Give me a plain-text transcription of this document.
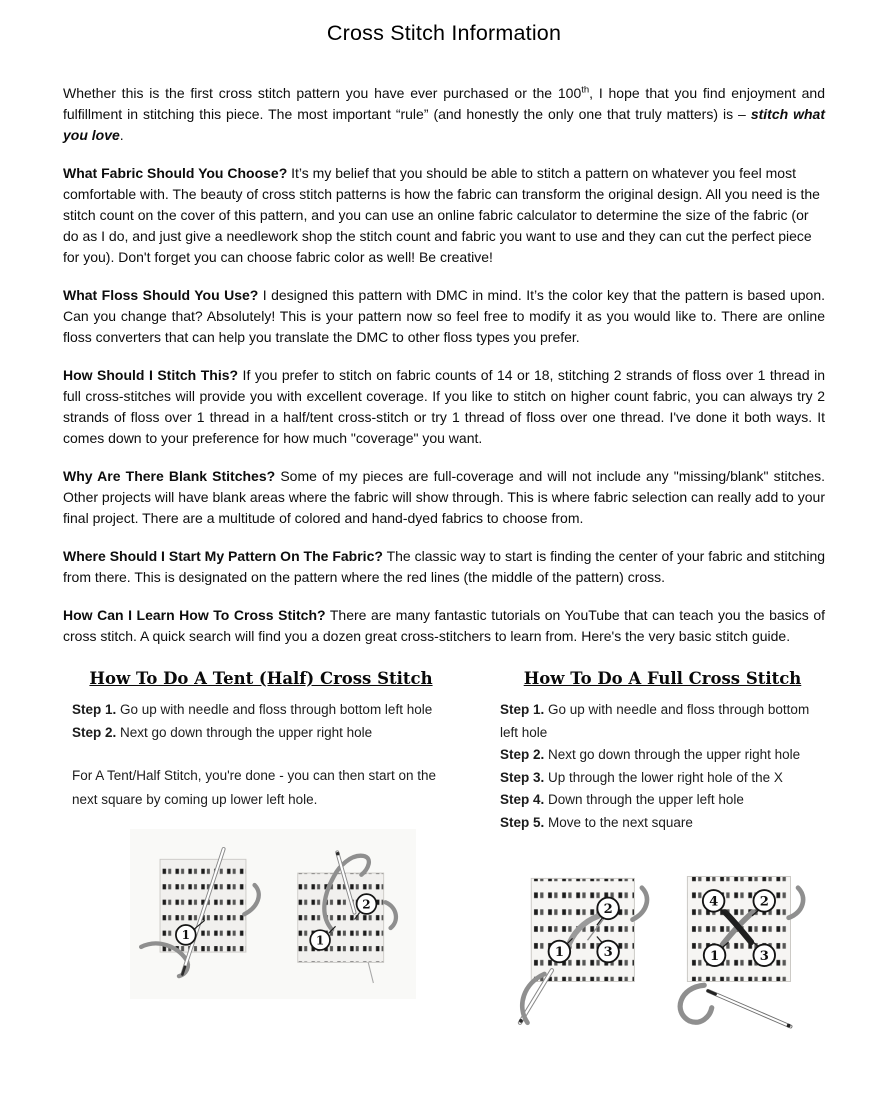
Cross Stitch Information

Whether this is the first cross stitch pattern you have ever purchased or the 100th, I hope that you find enjoyment and fulfillment in stitching this piece. The most important “rule” (and honestly the only one that truly matters) is – stitch what you love.

What Fabric Should You Choose? It’s my belief that you should be able to stitch a pattern on whatever you feel most comfortable with. The beauty of cross stitch patterns is how the fabric can transform the original design. All you need is the stitch count on the cover of this pattern, and you can use an online fabric calculator to determine the size of the fabric (or do as I do, and just give a needlework shop the stitch count and fabric you want to use and they can cut the perfect piece for you). Don't forget you can choose fabric color as well! Be creative!

What Floss Should You Use? I designed this pattern with DMC in mind. It’s the color key that the pattern is based upon. Can you change that? Absolutely! This is your pattern now so feel free to modify it as you would like to. There are online floss converters that can help you translate the DMC to other floss types you prefer.

How Should I Stitch This? If you prefer to stitch on fabric counts of 14 or 18, stitching 2 strands of floss over 1 thread in full cross-stitches will provide you with excellent coverage. If you like to stitch on higher count fabric, you can always try 2 strands of floss over 1 thread in a half/tent cross-stitch or try 1 thread of floss over one thread. I've done it both ways. It comes down to your preference for how much "coverage" you want.

Why Are There Blank Stitches? Some of my pieces are full-coverage and will not include any "missing/blank" stitches. Other projects will have blank areas where the fabric will show through. This is where fabric selection can really add to your final project. There are a multitude of colored and hand-dyed fabrics to choose from.

Where Should I Start My Pattern On The Fabric? The classic way to start is finding the center of your fabric and stitching from there. This is designated on the pattern where the red lines (the middle of the pattern) cross.

How Can I Learn How To Cross Stitch? There are many fantastic tutorials on YouTube that can teach you the basics of cross stitch. A quick search will find you a dozen great cross-stitchers to learn from. Here's the very basic stitch guide.

How To Do A Tent (Half) Cross Stitch
Step 1. Go up with needle and floss through bottom left hole
Step 2. Next go down through the upper right hole

For A Tent/Half Stitch, you're done - you can then start on the next square by coming up lower left hole.

1
2
1
How To Do A Full Cross Stitch
Step 1. Go up with needle and floss through bottom left hole
Step 2. Next go down through the upper right hole
Step 3. Up through the lower right hole of the X
Step 4. Down through the upper left hole
Step 5. Move to the next square
2
1	3
4	2
1	3
